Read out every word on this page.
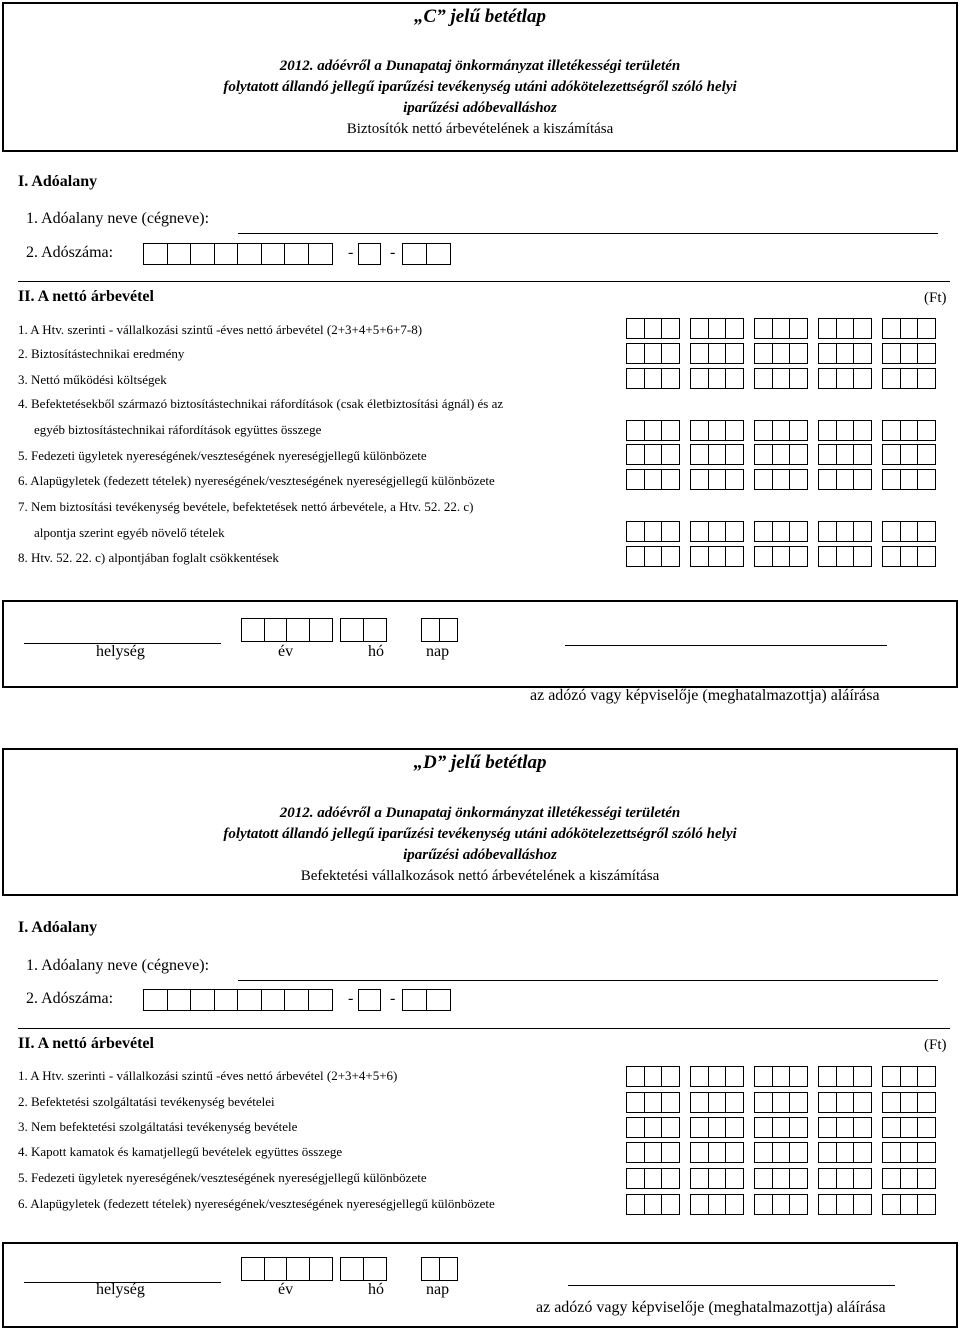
„C” jelű betétlap
2012. adóévről a Dunapataj önkormányzat illetékességi területén
folytatott állandó jellegű iparűzési tevékenység utáni adókötelezettségről szóló helyi
iparűzési adóbevalláshoz
Biztosítók nettó árbevételének a kiszámítása
I. Adóalany
1. Adóalany neve (cégneve):
2. Adószáma:	- -
II. A nettó árbevétel	(Ft)
1. A Htv. szerinti - vállalkozási szintű -éves nettó árbevétel (2+3+4+5+6+7-8)
2. Biztosítástechnikai eredmény
3. Nettó működési költségek
4. Befektetésekből származó biztosítástechnikai ráfordítások (csak életbiztosítási ágnál) és az
egyéb biztosítástechnikai ráfordítások együttes összege
5. Fedezeti ügyletek nyereségének/veszteségének nyereségjellegű különbözete
6. Alapügyletek (fedezett tételek) nyereségének/veszteségének nyereségjellegű különbözete
7. Nem biztosítási tevékenység bevétele, befektetések nettó árbevétele, a Htv. 52. 22. c)
alpontja szerint egyéb növelő tételek
8. Htv. 52. 22. c) alpontjában foglalt csökkentések
helység	év	hó	nap
az adózó vagy képviselője (meghatalmazottja) aláírása
„D” jelű betétlap
2012. adóévről a Dunapataj önkormányzat illetékességi területén
folytatott állandó jellegű iparűzési tevékenység utáni adókötelezettségről szóló helyi
iparűzési adóbevalláshoz
Befektetési vállalkozások nettó árbevételének a kiszámítása
I. Adóalany
1. Adóalany neve (cégneve):
2. Adószáma:	- -
II. A nettó árbevétel	(Ft)
1. A Htv. szerinti - vállalkozási szintű -éves nettó árbevétel (2+3+4+5+6)
2. Befektetési szolgáltatási tevékenység bevételei
3. Nem befektetési szolgáltatási tevékenység bevétele
4. Kapott kamatok és kamatjellegű bevételek együttes összege
5. Fedezeti ügyletek nyereségének/veszteségének nyereségjellegű különbözete
6. Alapügyletek (fedezett tételek) nyereségének/veszteségének nyereségjellegű különbözete
helység	év	hó	nap
az adózó vagy képviselője (meghatalmazottja) aláírása
